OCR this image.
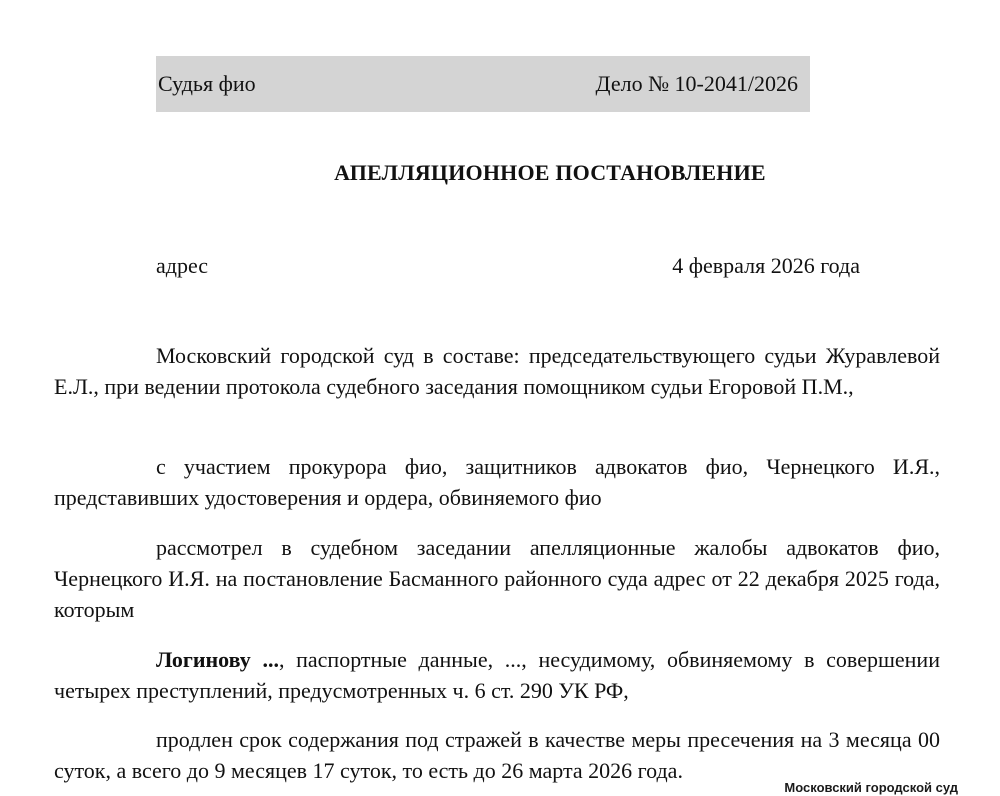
Судья фио	Дело № 10-2041/2026
АПЕЛЛЯЦИОННОЕ ПОСТАНОВЛЕНИЕ
адрес	4 февраля 2026 года

Московский городской суд в составе: председательствующего судьи Журавлевой Е.Л., при ведении протокола судебного заседания помощником судьи Егоровой П.М.,

с участием прокурора фио, защитников адвокатов фио, Чернецкого И.Я., представивших удостоверения и ордера, обвиняемого фио

рассмотрел в судебном заседании апелляционные жалобы адвокатов фио, Чернецкого И.Я. на постановление Басманного районного суда адрес от 22 декабря 2025 года, которым

Логинову ..., паспортные данные, ..., несудимому, обвиняемому в совершении четырех преступлений, предусмотренных ч. 6 ст. 290 УК РФ,

продлен срок содержания под стражей в качестве меры пресечения на 3 месяца 00 суток, а всего до 9 месяцев 17 суток, то есть до 26 марта 2026 года.

Московский городской суд
